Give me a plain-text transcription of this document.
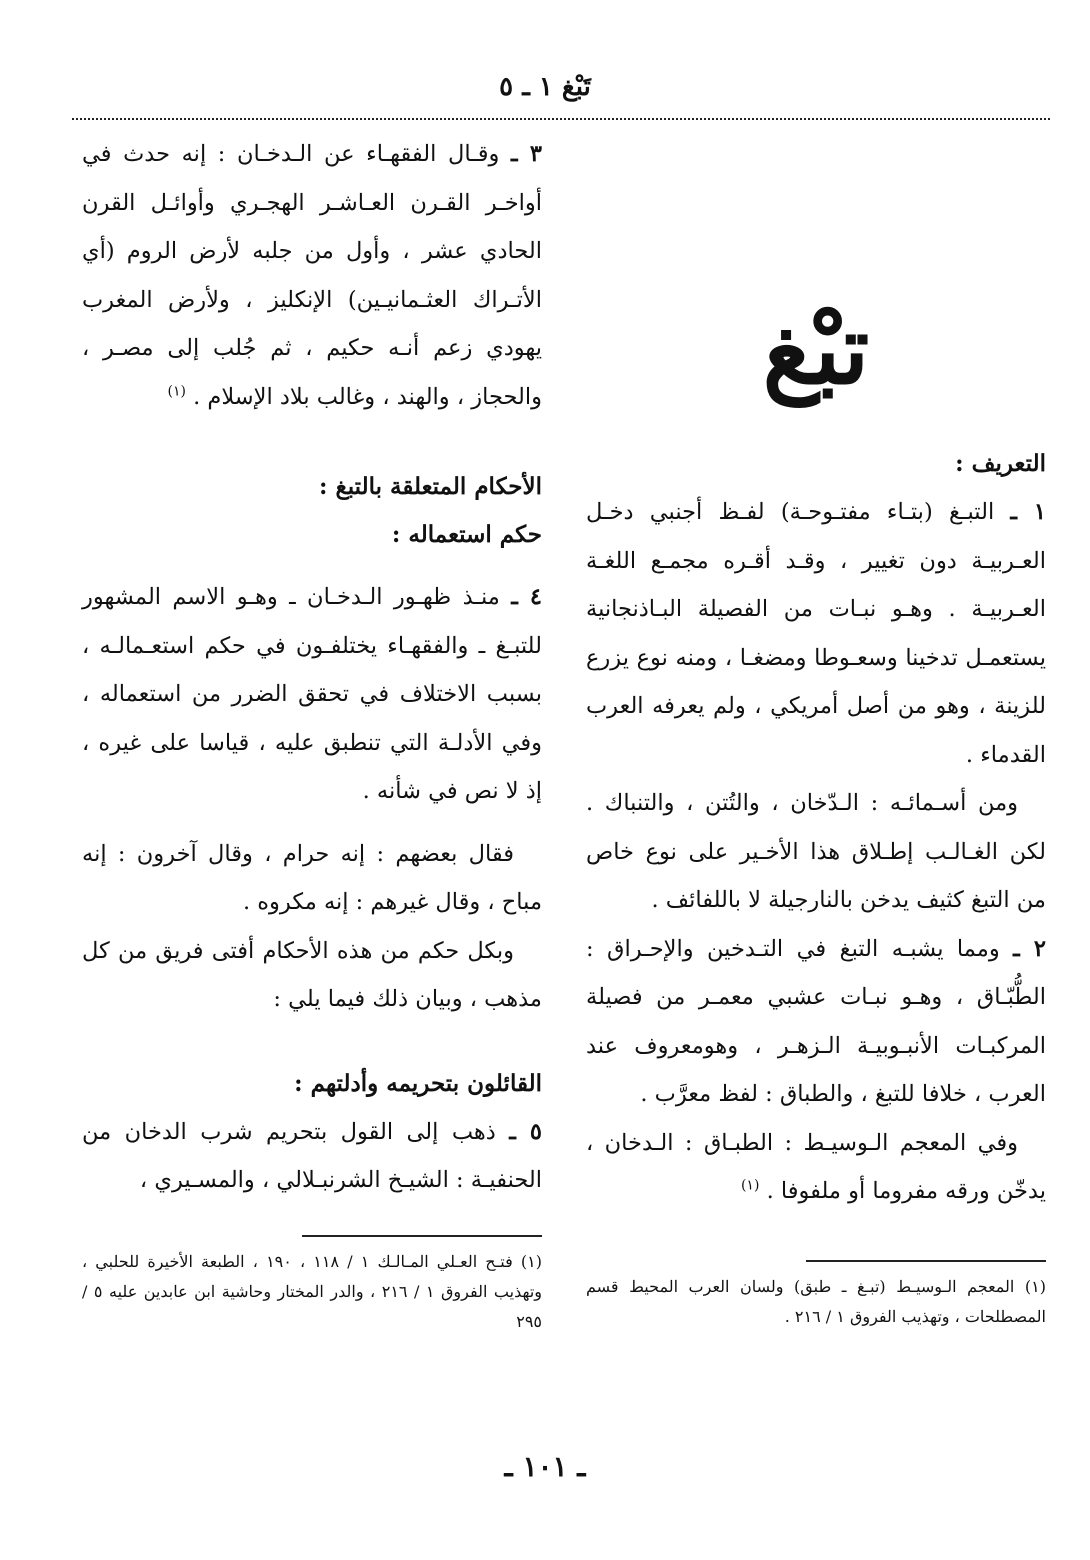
تَبْغ ١ ـ ٥
تبْغ

التعريف :

١ ـ التبـغ (بتـاء مفتـوحـة) لفـظ أجنبي دخـل العـربيـة دون تغيير ، وقـد أقـره مجمـع اللغـة العـربيـة . وهـو نبـات من الفصيلة البـاذنجانية يستعمـل تدخينا وسعـوطا ومضغـا ، ومنه نوع يزرع للزينة ، وهو من أصل أمريكي ، ولم يعرفه العرب القدماء .

ومن أسـمائـه : الـدّخان ، والتُتن ، والتنباك . لكن الغـالـب إطـلاق هذا الأخـير على نوع خاص من التبغ كثيف يدخن بالنارجيلة لا باللفائف .

٢ ـ ومما يشبـه التبغ في التـدخين والإحـراق : الطُّبّـاق ، وهـو نبـات عشبي معمـر من فصيلة المركبـات الأنبـوبيـة الـزهـر ، وهومعروف عند العرب ، خلافا للتبغ ، والطباق : لفظ معرَّب .

وفي المعجم الـوسيـط : الطبـاق : الـدخان ، يدخّن ورقه مفروما أو ملفوفا . $^{(١)}$

(١) المعجم الـوسيـط (تبـغ ـ طبق) ولسان العرب المحيط قسم المصطلحات ، وتهذيب الفروق ١ / ٢١٦ .

٣ ـ وقـال الفقهـاء عن الـدخـان : إنه حدث في أواخـر القـرن العـاشـر الهجـري وأوائـل القرن الحادي عشر ، وأول من جلبه لأرض الروم (أي الأتـراك العثـمانيـين) الإنكليز ، ولأرض المغرب يهودي زعم أنـه حكيم ، ثم جُلب إلى مصـر ، والحجاز ، والهند ، وغالب بلاد الإسلام . $^{(١)}$

الأحكام المتعلقة بالتبغ :

حكم استعماله :

٤ ـ منـذ ظهـور الـدخـان ـ وهـو الاسم المشهور للتبـغ ـ والفقهـاء يختلفـون في حكم استعـمالـه ، بسبب الاختلاف في تحقق الضرر من استعماله ، وفي الأدلـة التي تنطبق عليه ، قياسا على غيره ، إذ لا نص في شأنه .

فقال بعضهم : إنه حرام ، وقال آخرون : إنه مباح ، وقال غيرهم : إنه مكروه .

وبكل حكم من هذه الأحكام أفتى فريق من كل مذهب ، وبيان ذلك فيما يلي :

القائلون بتحريمه وأدلتهم :

٥ ـ ذهب إلى القول بتحريم شرب الدخان من الحنفيـة : الشيـخ الشرنبـلالي ، والمسـيري ،

(١) فتـح العـلي المـالـك ١ / ١١٨ ، ١٩٠ ، الطبعة الأخيرة للحلبي ، وتهذيب الفروق ١ / ٢١٦ ، والدر المختار وحاشية ابن عابدين عليه ٥ / ٢٩٥

ـ ١٠١ ـ
